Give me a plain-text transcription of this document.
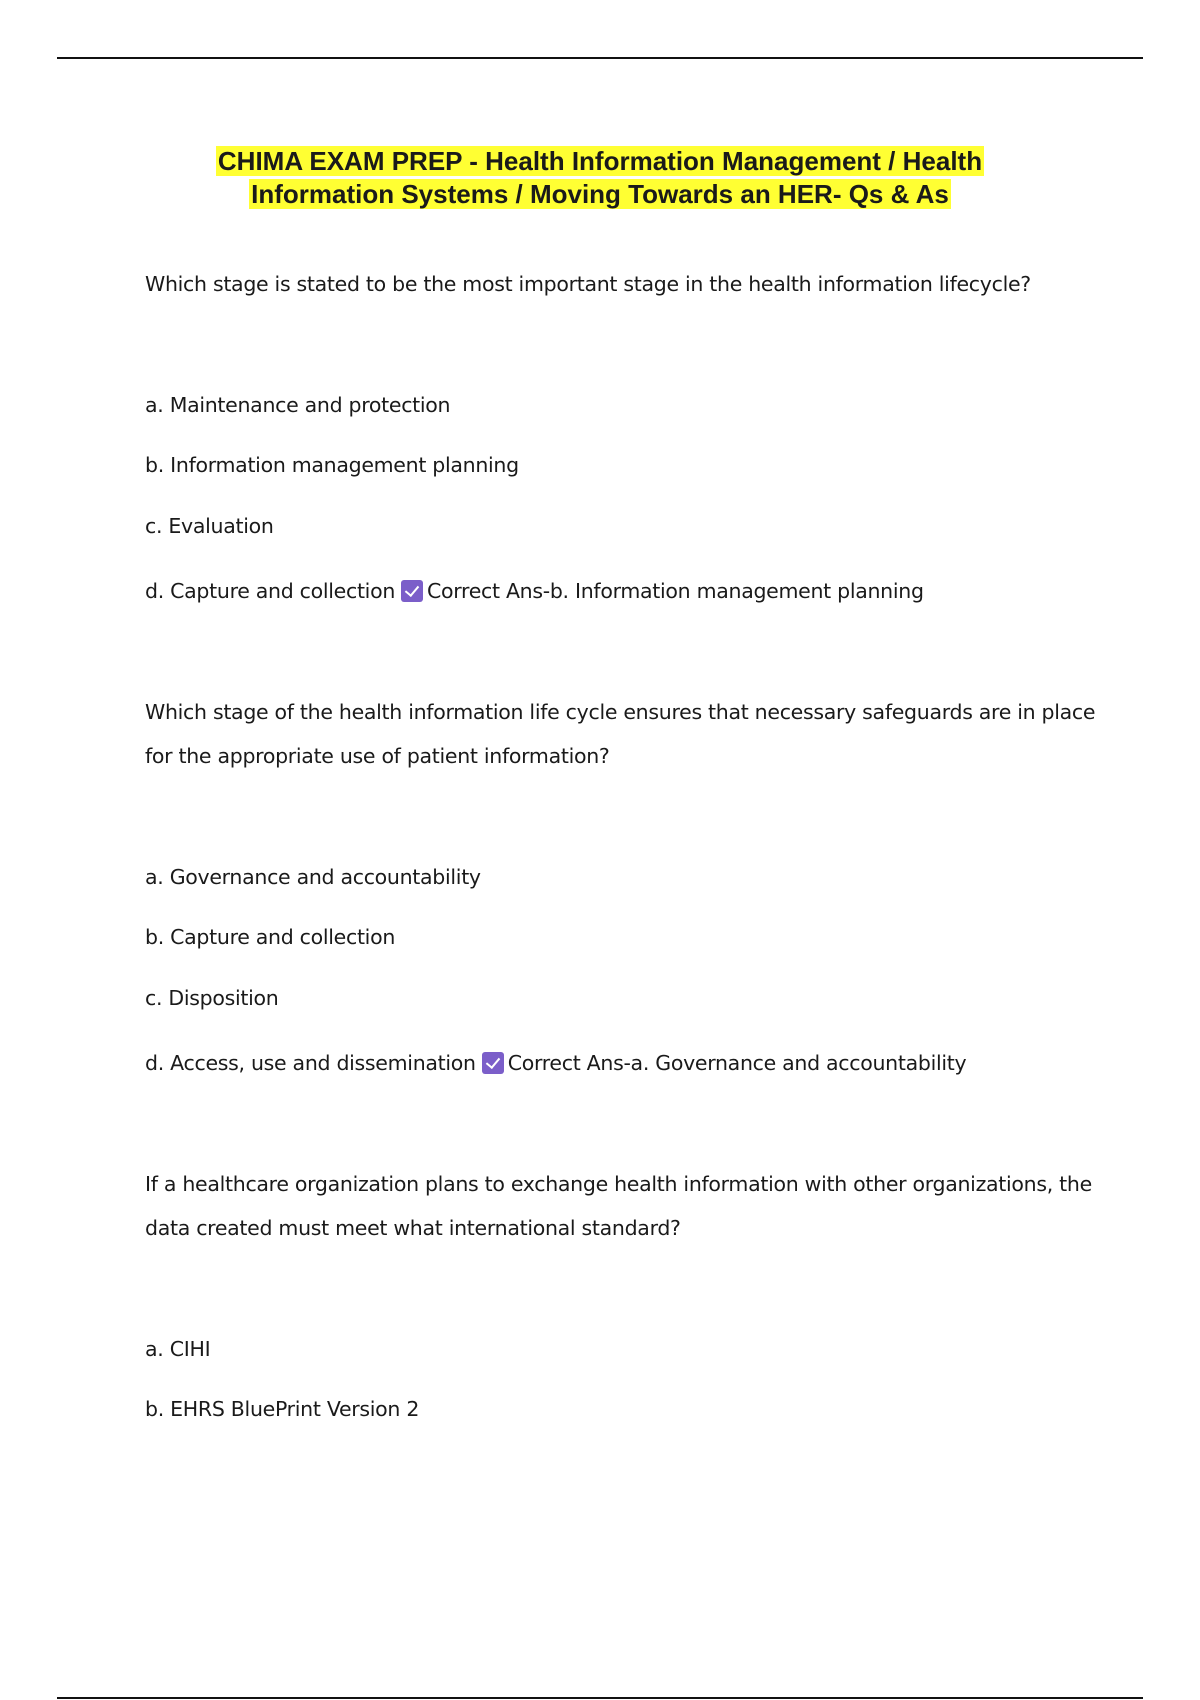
CHIMA EXAM PREP - Health Information Management / Health
Information Systems / Moving Towards an HER- Qs & As
Which stage is stated to be the most important stage in the health information lifecycle?
a. Maintenance and protection
b. Information management planning
c. Evaluation
d. Capture and collection Correct Ans-b. Information management planning
Which stage of the health information life cycle ensures that necessary safeguards are in place
for the appropriate use of patient information?
a. Governance and accountability
b. Capture and collection
c. Disposition
d. Access, use and dissemination Correct Ans-a. Governance and accountability
If a healthcare organization plans to exchange health information with other organizations, the
data created must meet what international standard?
a. CIHI
b. EHRS BluePrint Version 2
